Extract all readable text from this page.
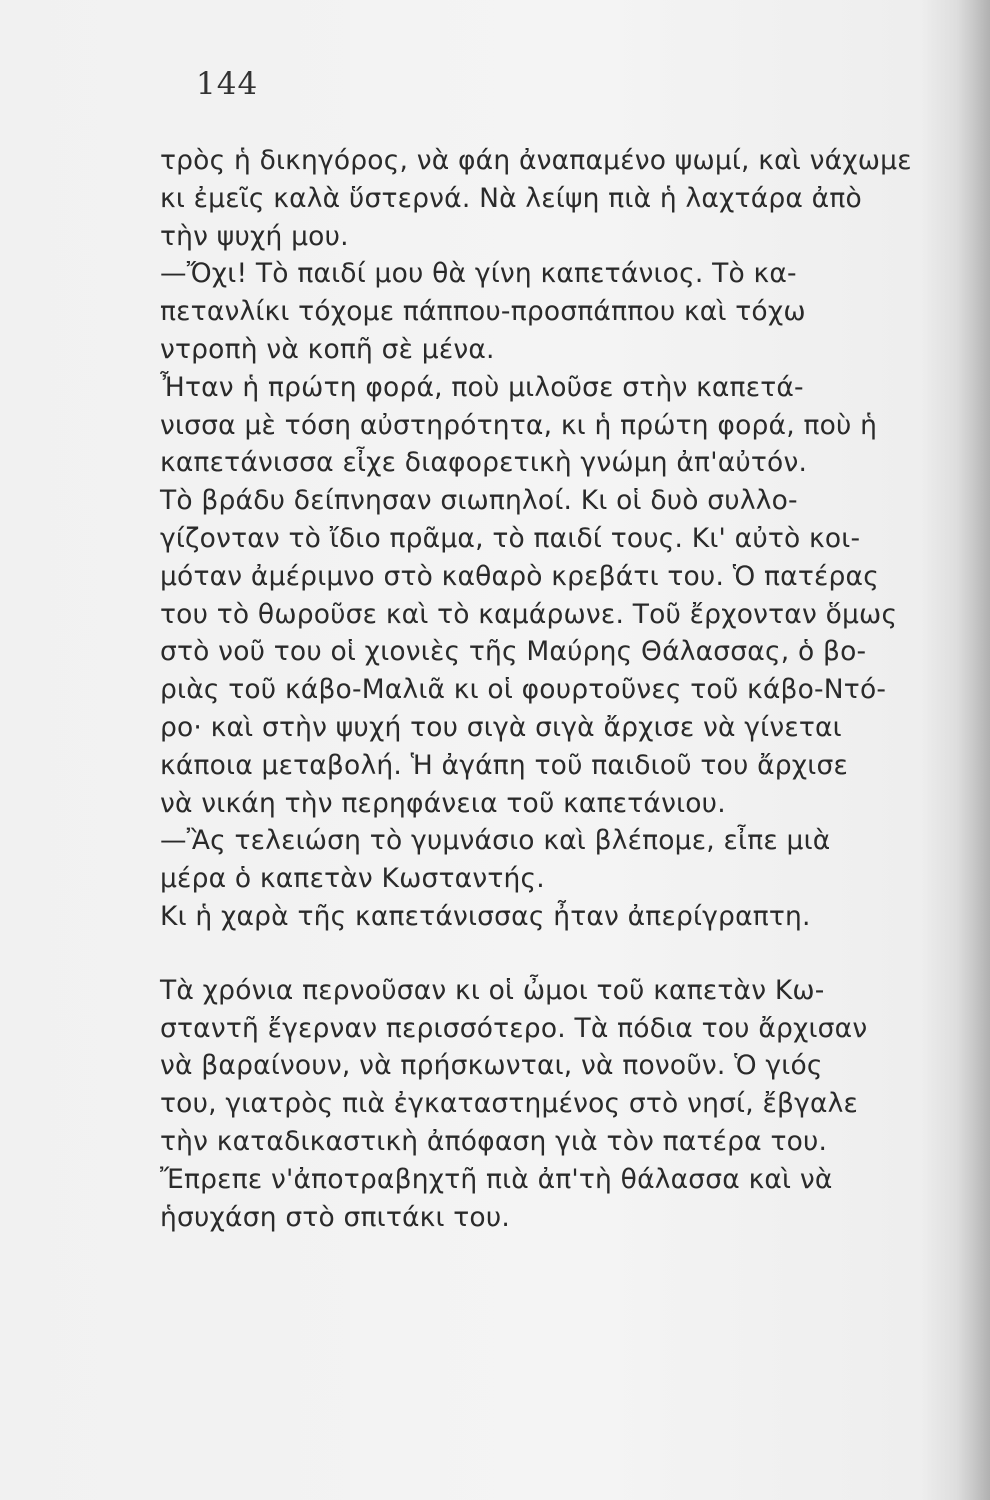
144
τρὸς ἡ δικηγόρος, νὰ φάη ἀναπαμένο ψωμί, καὶ νάχωμε
κι ἐμεῖς καλὰ ὕστερνά. Νὰ λείψη πιὰ ἡ λαχτάρα ἀπὸ
τὴν ψυχή μου.
—Ὄχι! Τὸ παιδί μου θὰ γίνη καπετάνιος. Τὸ κα-
πετανλίκι τόχομε πάππου-προσπάππου καὶ τόχω
ντροπὴ νὰ κοπῆ σὲ μένα.
Ἦταν ἡ πρώτη φορά, ποὺ μιλοῦσε στὴν καπετά-
νισσα μὲ τόση αὐστηρότητα, κι ἡ πρώτη φορά, ποὺ ἡ
καπετάνισσα εἶχε διαφορετικὴ γνώμη ἀπ'αὐτόν.
Τὸ βράδυ δείπνησαν σιωπηλοί. Κι οἱ δυὸ συλλο-
γίζονταν τὸ ἴδιο πρᾶμα, τὸ παιδί τους. Κι' αὐτὸ κοι-
μόταν ἀμέριμνο στὸ καθαρὸ κρεβάτι του. Ὁ πατέρας
του τὸ θωροῦσε καὶ τὸ καμάρωνε. Τοῦ ἔρχονταν ὅμως
στὸ νοῦ του οἱ χιονιὲς τῆς Μαύρης Θάλασσας, ὁ βο-
ριὰς τοῦ κάβο-Μαλιᾶ κι οἱ φουρτοῦνες τοῦ κάβο-Ντό-
ρο· καὶ στὴν ψυχή του σιγὰ σιγὰ ἄρχισε νὰ γίνεται
κάποια μεταβολή. Ἡ ἀγάπη τοῦ παιδιοῦ του ἄρχισε
νὰ νικάη τὴν περηφάνεια τοῦ καπετάνιου.
—Ἂς τελειώση τὸ γυμνάσιο καὶ βλέπομε, εἶπε μιὰ
μέρα ὁ καπετὰν Κωσταντής.
Κι ἡ χαρὰ τῆς καπετάνισσας ἦταν ἀπερίγραπτη.
Τὰ χρόνια περνοῦσαν κι οἱ ὦμοι τοῦ καπετὰν Κω-
σταντῆ ἔγερναν περισσότερο. Τὰ πόδια του ἄρχισαν
νὰ βαραίνουν, νὰ πρήσκωνται, νὰ πονοῦν. Ὁ γιός
του, γιατρὸς πιὰ ἐγκαταστημένος στὸ νησί, ἔβγαλε
τὴν καταδικαστικὴ ἀπόφαση γιὰ τὸν πατέρα του.
Ἔπρεπε ν'ἀποτραβηχτῆ πιὰ ἀπ'τὴ θάλασσα καὶ νὰ
ἡσυχάση στὸ σπιτάκι του.
